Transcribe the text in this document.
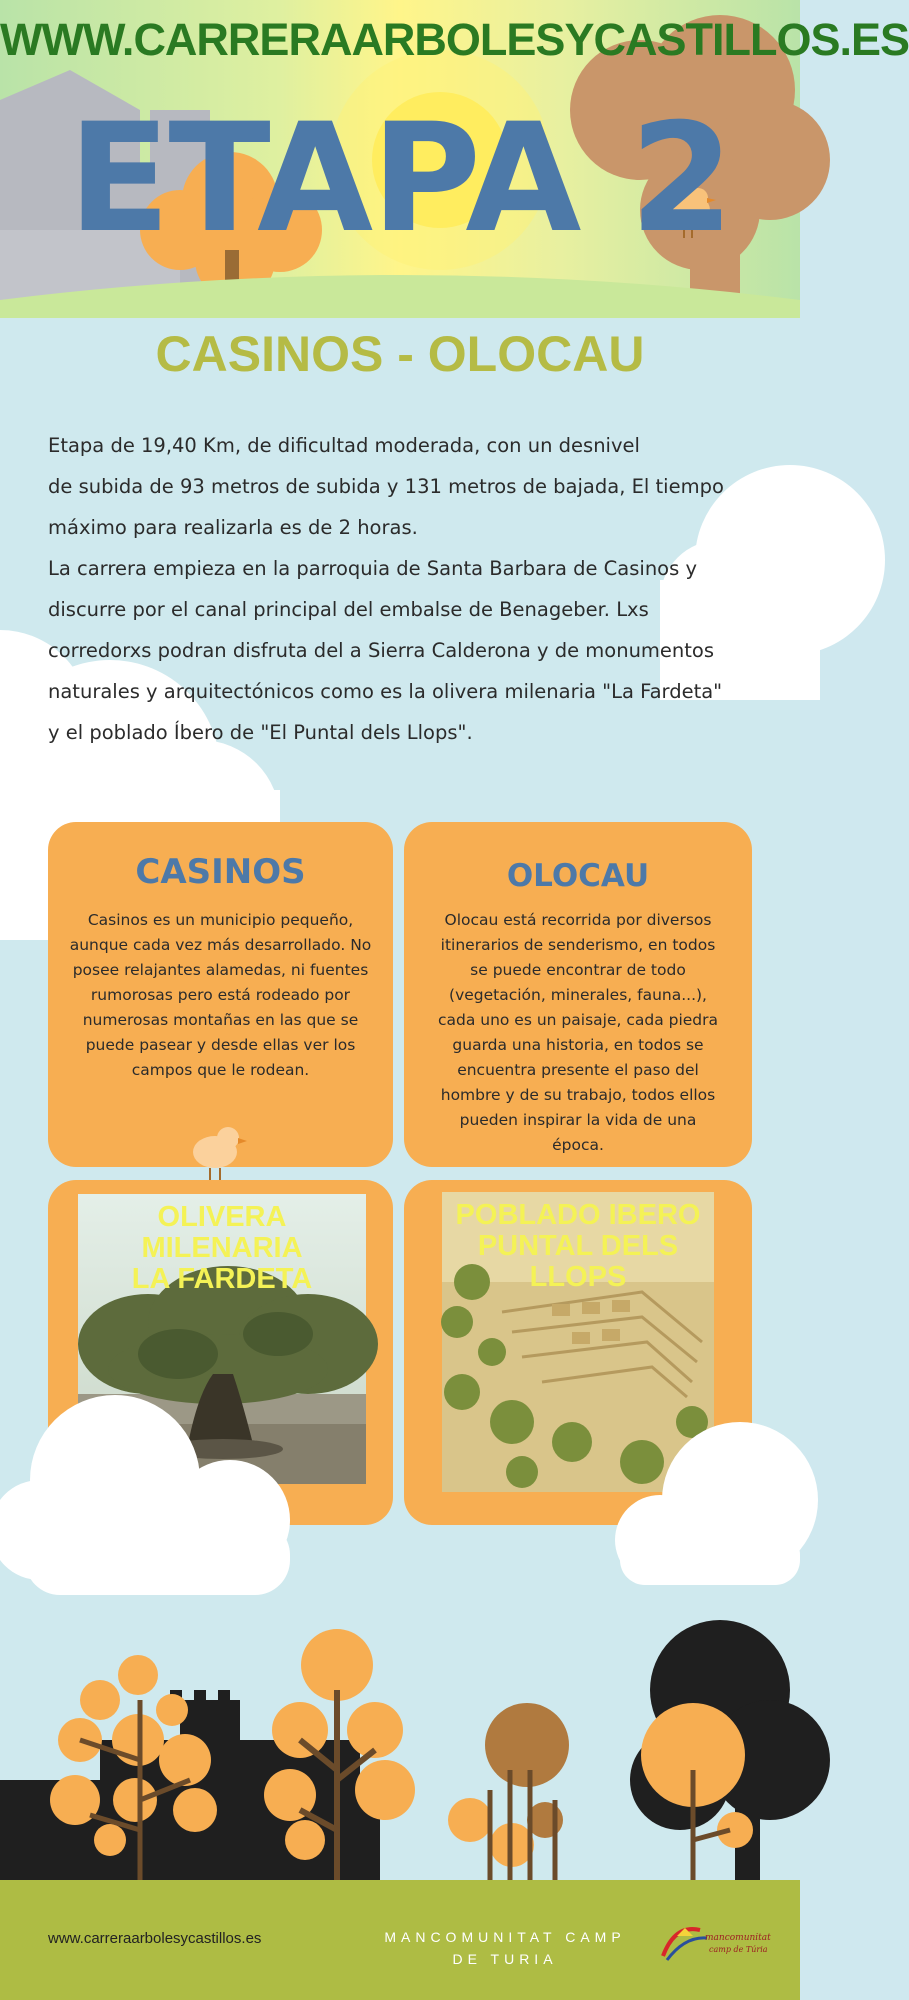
WWW.CARRERAARBOLESYCASTILLOS.ES
ETAPA 2
CASINOS - OLOCAU

Etapa de 19,40 Km, de dificultad moderada, con un desnivel

de subida de 93 metros de subida y 131 metros de bajada, El tiempo

máximo para realizarla es de 2 horas.

La carrera empieza en la parroquia de Santa Barbara de Casinos y

discurre por el canal principal del embalse de Benageber. Lxs

corredorxs podran disfruta del a Sierra Calderona y de monumentos

naturales y arquitectónicos como es la olivera milenaria "La Fardeta"

y el poblado Íbero de "El Puntal dels Llops".

CASINOS
Casinos es un municipio pequeño,
aunque cada vez más desarrollado. No
posee relajantes alamedas, ni fuentes
rumorosas pero está rodeado por
numerosas montañas en las que se
puede pasear y desde ellas ver los
campos que le rodean.
OLOCAU
Olocau está recorrida por diversos
itinerarios de senderismo, en todos
se puede encontrar de todo
(vegetación, minerales, fauna...),
cada uno es un paisaje, cada piedra
guarda una historia, en todos se
encuentra presente el paso del
hombre y de su trabajo, todos ellos
pueden inspirar la vida de una
época.
OLIVERA
MILENARIA
LA FARDETA
POBLADO IBERO
PUNTAL DELS
LLOPS
www.carreraarbolesycastillos.es	MANCOMUNITAT CAMP
DE TURIA
mancomunitat
camp de Túria
